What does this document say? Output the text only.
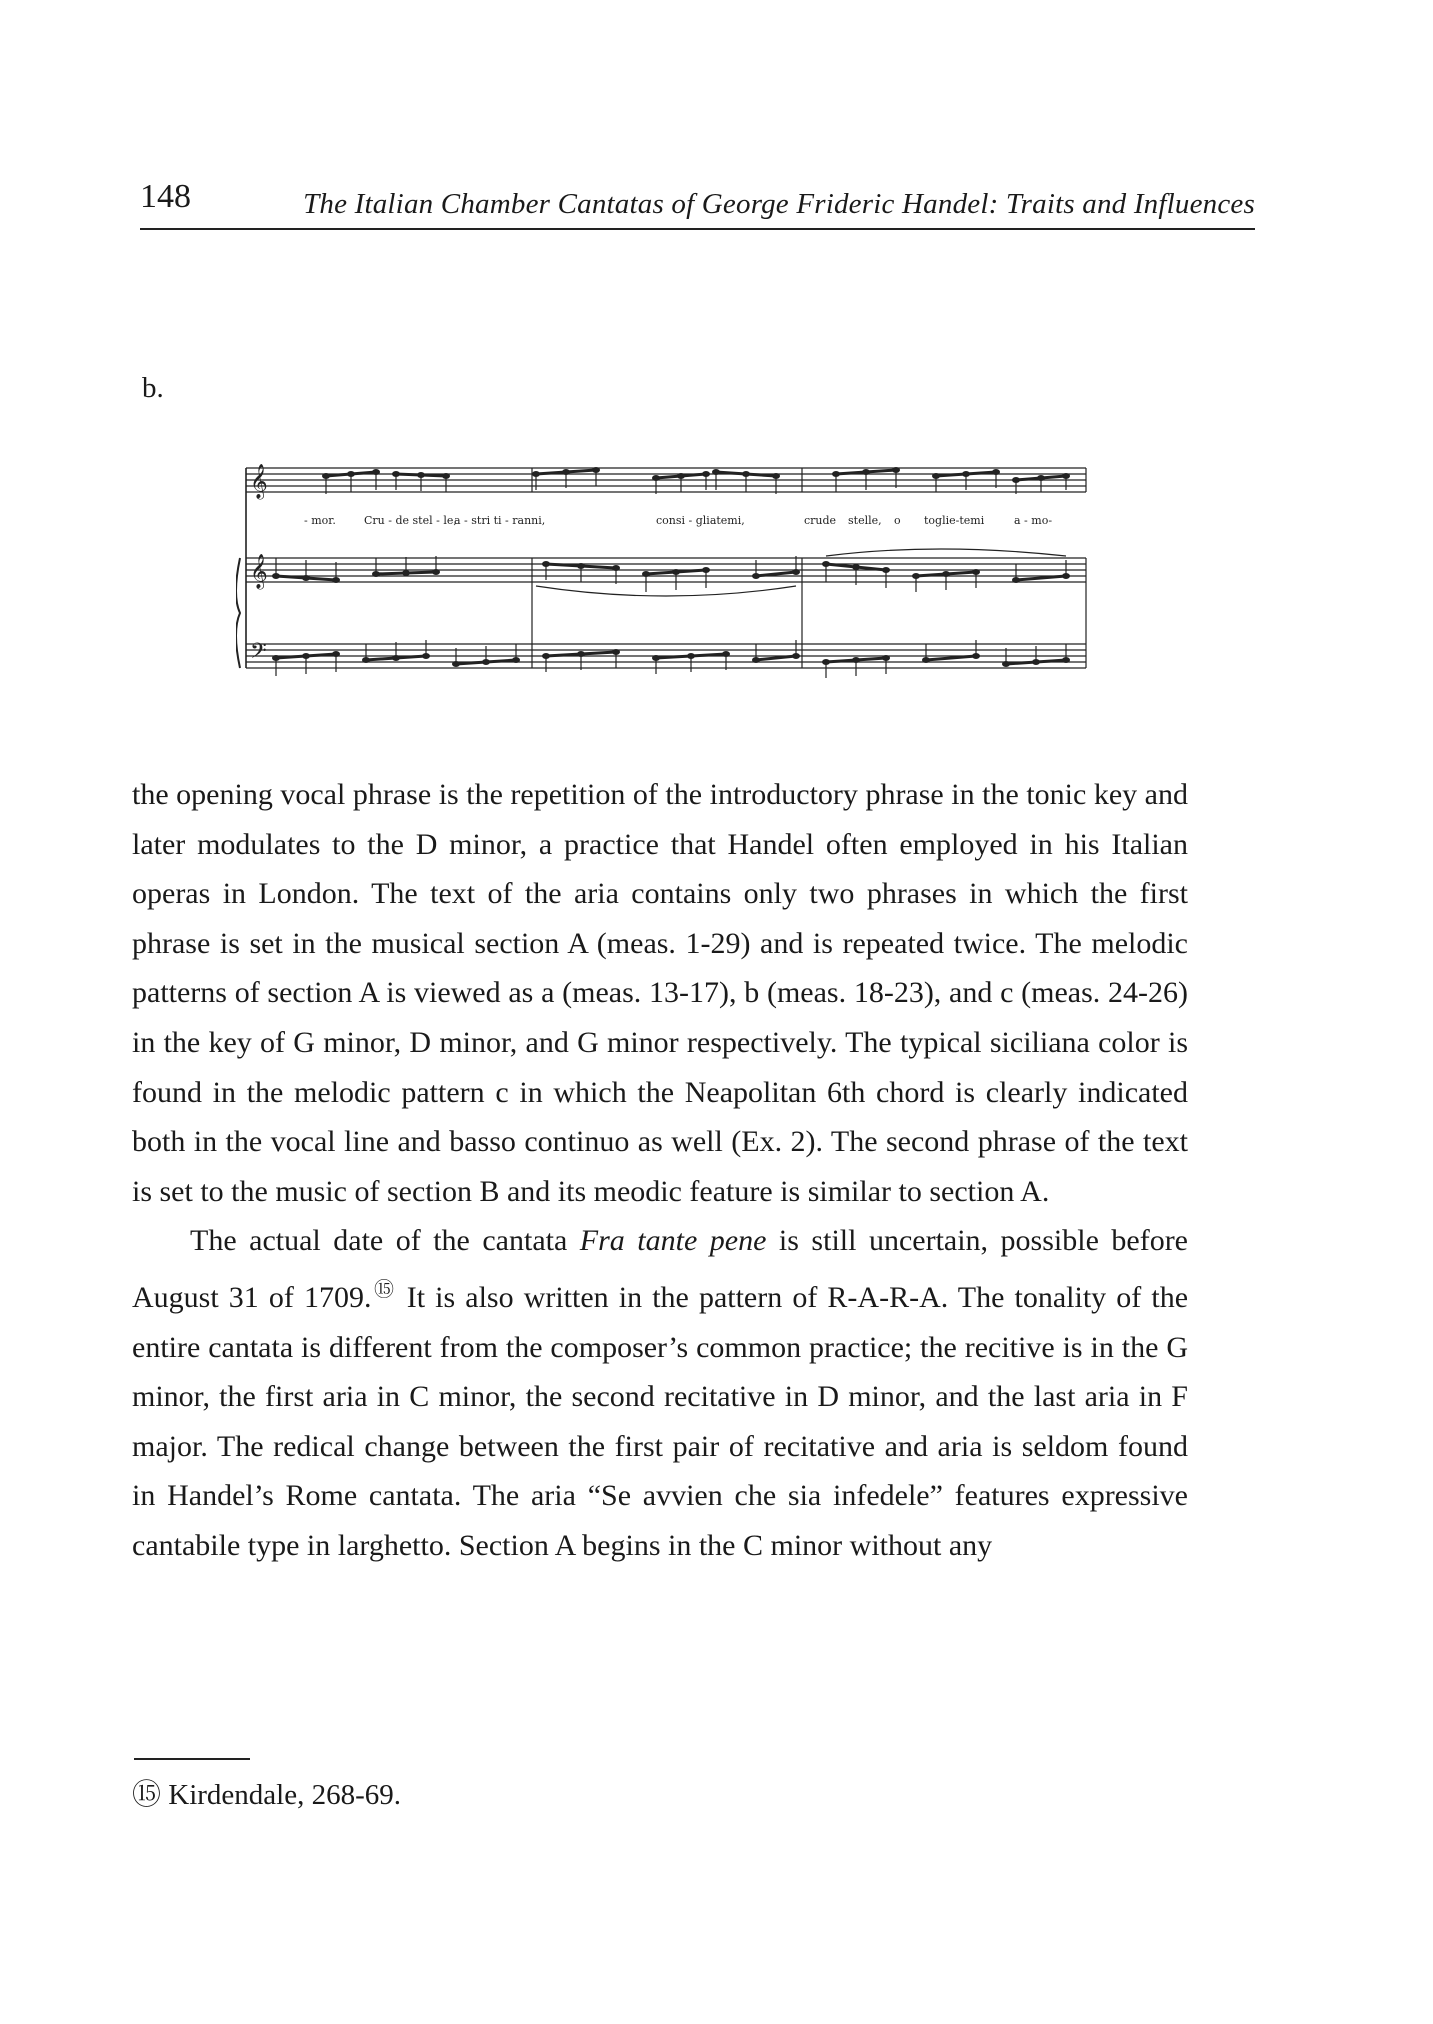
148	The Italian Chamber Cantatas of George Frideric Handel: Traits and Influences
b.
𝄞
𝄞
𝄢
- mor.	Cru - de stel - le,
a - stri ti - ranni,	consi - gliatemi,	crude stelle, o toglie-temi	a - mo-

the opening vocal phrase is the repetition of the introductory phrase in the tonic key and later modulates to the D minor, a practice that Handel often employed in his Italian operas in London. The text of the aria contains only two phrases in which the first phrase is set in the musical section A (meas. 1-29) and is repeated twice. The melodic patterns of section A is viewed as a (meas. 13-17), b (meas. 18-23), and c (meas. 24-26) in the key of G minor, D minor, and G minor respectively. The typical siciliana color is found in the melodic pattern c in which the Neapolitan 6th chord is clearly indicated both in the vocal line and basso continuo as well (Ex. 2). The second phrase of the text is set to the music of section B and its meodic feature is similar to section A.

The actual date of the cantata Fra tante pene is still uncertain, possible before August 31 of 1709.⑮ It is also written in the pattern of R-A-R-A. The tonality of the entire cantata is different from the composer’s common practice; the recitive is in the G minor, the first aria in C minor, the second recitative in D minor, and the last aria in F major. The redical change between the first pair of recitative and aria is seldom found in Handel’s Rome cantata. The aria “Se avvien che sia infedele” features expressive cantabile type in larghetto. Section A begins in the C minor without any

⑮ Kirdendale, 268-69.
